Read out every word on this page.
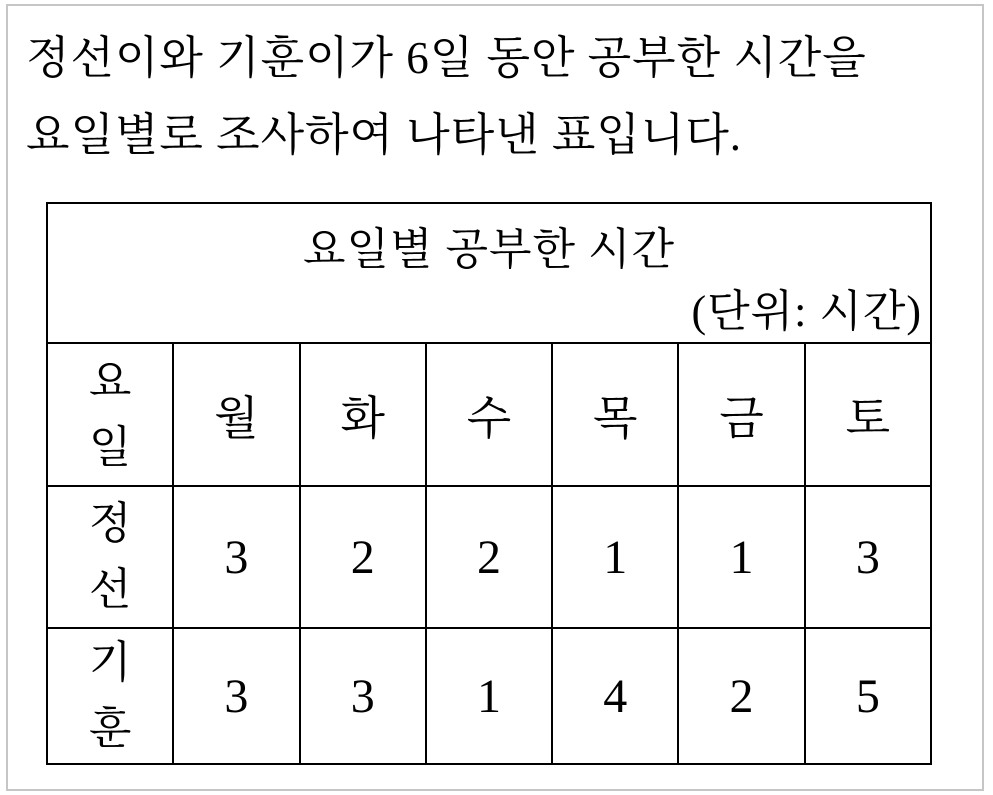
정선이와 기훈이가 6일 동안 공부한 시간을
요일별로 조사하여 나타낸 표입니다.
요일별 공부한 시간
(단위: 시간)						

요일	월	화	수	목	금	토
정선	3	2	2	1	1	3
기훈	3	3	1	4	2	5
